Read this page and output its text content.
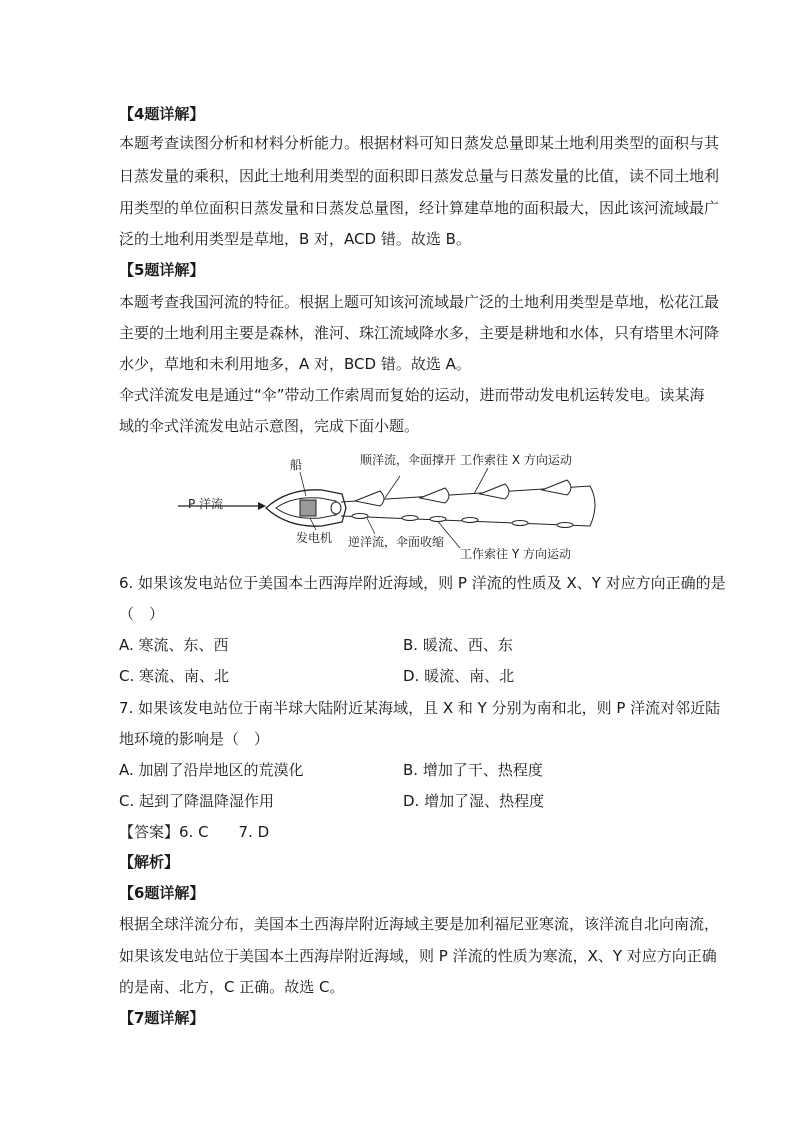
【4题详解】
本题考查读图分析和材料分析能力。根据材料可知日蒸发总量即某土地利用类型的面积与其
日蒸发量的乘积，因此土地利用类型的面积即日蒸发总量与日蒸发量的比值，读不同土地利
用类型的单位面积日蒸发量和日蒸发总量图，经计算建草地的面积最大，因此该河流域最广
泛的土地利用类型是草地，B 对，ACD 错。故选 B。
【5题详解】
本题考查我国河流的特征。根据上题可知该河流域最广泛的土地利用类型是草地，松花江最
主要的土地利用主要是森林，淮河、珠江流域降水多，主要是耕地和水体，只有塔里木河降
水少，草地和未利用地多，A 对，BCD 错。故选 A。
伞式洋流发电是通过“伞”带动工作索周而复始的运动，进而带动发电机运转发电。读某海
域的伞式洋流发电站示意图，完成下面小题。
船	顺洋流，伞面撑开 工作索往 X 方向运动
P 洋流
发电机 逆洋流，伞面收缩
工作索往 Y 方向运动
6. 如果该发电站位于美国本土西海岸附近海域，则 P 洋流的性质及 X、Y 对应方向正确的是
（　）
A. 寒流、东、西	B. 暖流、西、东
C. 寒流、南、北	D. 暖流、南、北
7. 如果该发电站位于南半球大陆附近某海域，且 X 和 Y 分别为南和北，则 P 洋流对邻近陆
地环境的影响是（　）
A. 加剧了沿岸地区的荒漠化	B. 增加了干、热程度
C. 起到了降温降湿作用	D. 增加了湿、热程度
【答案】6. C　　7. D
【解析】
【6题详解】
根据全球洋流分布，美国本土西海岸附近海域主要是加利福尼亚寒流，该洋流自北向南流，
如果该发电站位于美国本土西海岸附近海域，则 P 洋流的性质为寒流，X、Y 对应方向正确
的是南、北方，C 正确。故选 C。
【7题详解】
